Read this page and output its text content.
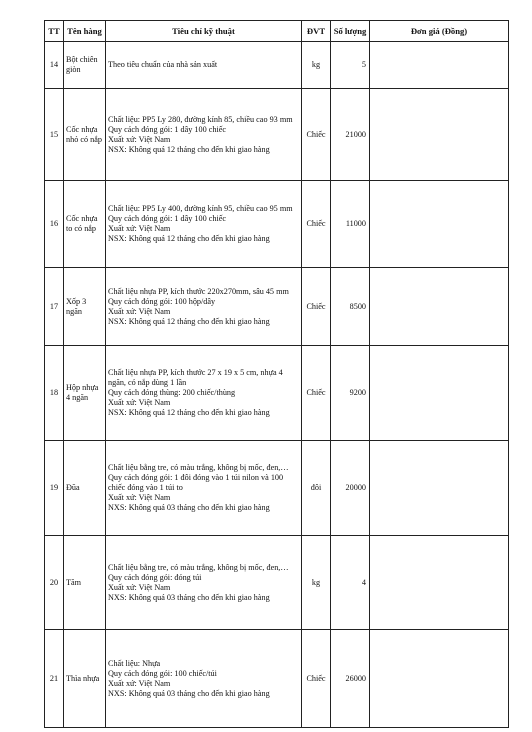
TT	Tên hàng	Tiêu chí kỹ thuật	ĐVT	Số lượng	Đơn giá (Đồng)
14	Bột chiên giòn	Theo tiêu chuẩn của nhà sản xuất	kg	5	
15	Cốc nhựa nhỏ có nắp	Chất liệu: PP5 Ly 280, đường kính 85, chiều cao 93 mm
Quy cách đóng gói: 1 dây 100 chiếc
Xuất xứ: Việt Nam
NSX: Không quá 12 tháng cho đến khi giao hàng	Chiếc	21000	
16	Cốc nhựa to có nắp	Chất liệu: PP5 Ly 400, đường kính 95, chiều cao 95 mm
Quy cách đóng gói: 1 dây 100 chiếc
Xuất xứ: Việt Nam
NSX: Không quá 12 tháng cho đến khi giao hàng	Chiếc	11000	
17	Xốp 3 ngăn	Chất liệu nhựa PP, kích thước 220x270mm, sâu 45 mm
Quy cách đóng gói: 100 hộp/dây
Xuất xứ: Việt Nam
NSX: Không quá 12 tháng cho đến khi giao hàng	Chiếc	8500	
18	Hộp nhựa 4 ngăn	Chất liệu nhựa PP, kích thước 27 x 19 x 5 cm, nhựa 4 ngăn, có nắp dùng 1 lần
Quy cách đóng thùng: 200 chiếc/thùng
Xuất xứ: Việt Nam
NSX: Không quá 12 tháng cho đến khi giao hàng	Chiếc	9200	
19	Đũa	Chất liệu bằng tre, có màu trắng, không bị mốc, đen,…
Quy cách đóng gói: 1 đôi đóng vào 1 túi nilon và 100 chiếc đóng vào 1 túi to
Xuất xứ: Việt Nam
NXS: Không quá 03 tháng cho đến khi giao hàng	đôi	20000	
20	Tăm	Chất liệu bằng tre, có màu trắng, không bị mốc, đen,…
Quy cách đóng gói: đóng túi
Xuất xứ: Việt Nam
NXS: Không quá 03 tháng cho đến khi giao hàng	kg	4	
21	Thìa nhựa	Chất liệu: Nhựa
Quy cách đóng gói: 100 chiếc/túi
Xuất xứ: Việt Nam
NXS: Không quá 03 tháng cho đến khi giao hàng	Chiếc	26000	
